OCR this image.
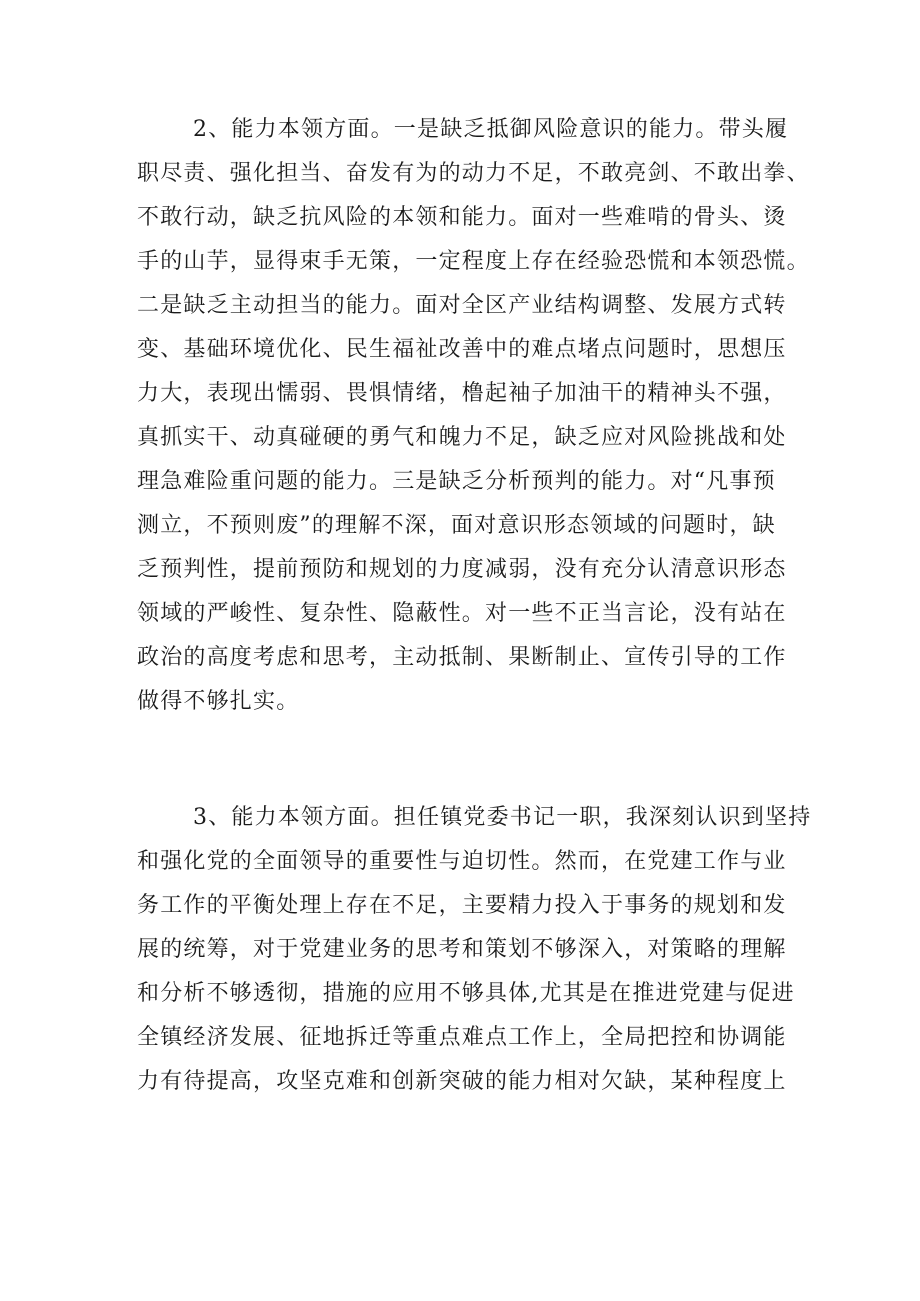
2、能力本领方面。一是缺乏抵御风险意识的能力。带头履

职尽责、强化担当、奋发有为的动力不足，不敢亮剑、不敢出拳、

不敢行动，缺乏抗风险的本领和能力。面对一些难啃的骨头、烫

手的山芋，显得束手无策，一定程度上存在经验恐慌和本领恐慌。

二是缺乏主动担当的能力。面对全区产业结构调整、发展方式转

变、基础环境优化、民生福祉改善中的难点堵点问题时，思想压

力大，表现出懦弱、畏惧情绪，橹起袖子加油干的精神头不强，

真抓实干、动真碰硬的勇气和魄力不足，缺乏应对风险挑战和处

理急难险重问题的能力。三是缺乏分析预判的能力。对“凡事预

测立，不预则废”的理解不深，面对意识形态领域的问题时，缺

乏预判性，提前预防和规划的力度减弱，没有充分认清意识形态

领域的严峻性、复杂性、隐蔽性。对一些不正当言论，没有站在

政治的高度考虑和思考，主动抵制、果断制止、宣传引导的工作

做得不够扎实。

3、能力本领方面。担任镇党委书记一职，我深刻认识到坚持

和强化党的全面领导的重要性与迫切性。然而，在党建工作与业

务工作的平衡处理上存在不足，主要精力投入于事务的规划和发

展的统筹，对于党建业务的思考和策划不够深入，对策略的理解

和分析不够透彻，措施的应用不够具体,尤其是在推进党建与促进

全镇经济发展、征地拆迁等重点难点工作上，全局把控和协调能

力有待提高，攻坚克难和创新突破的能力相对欠缺，某种程度上
